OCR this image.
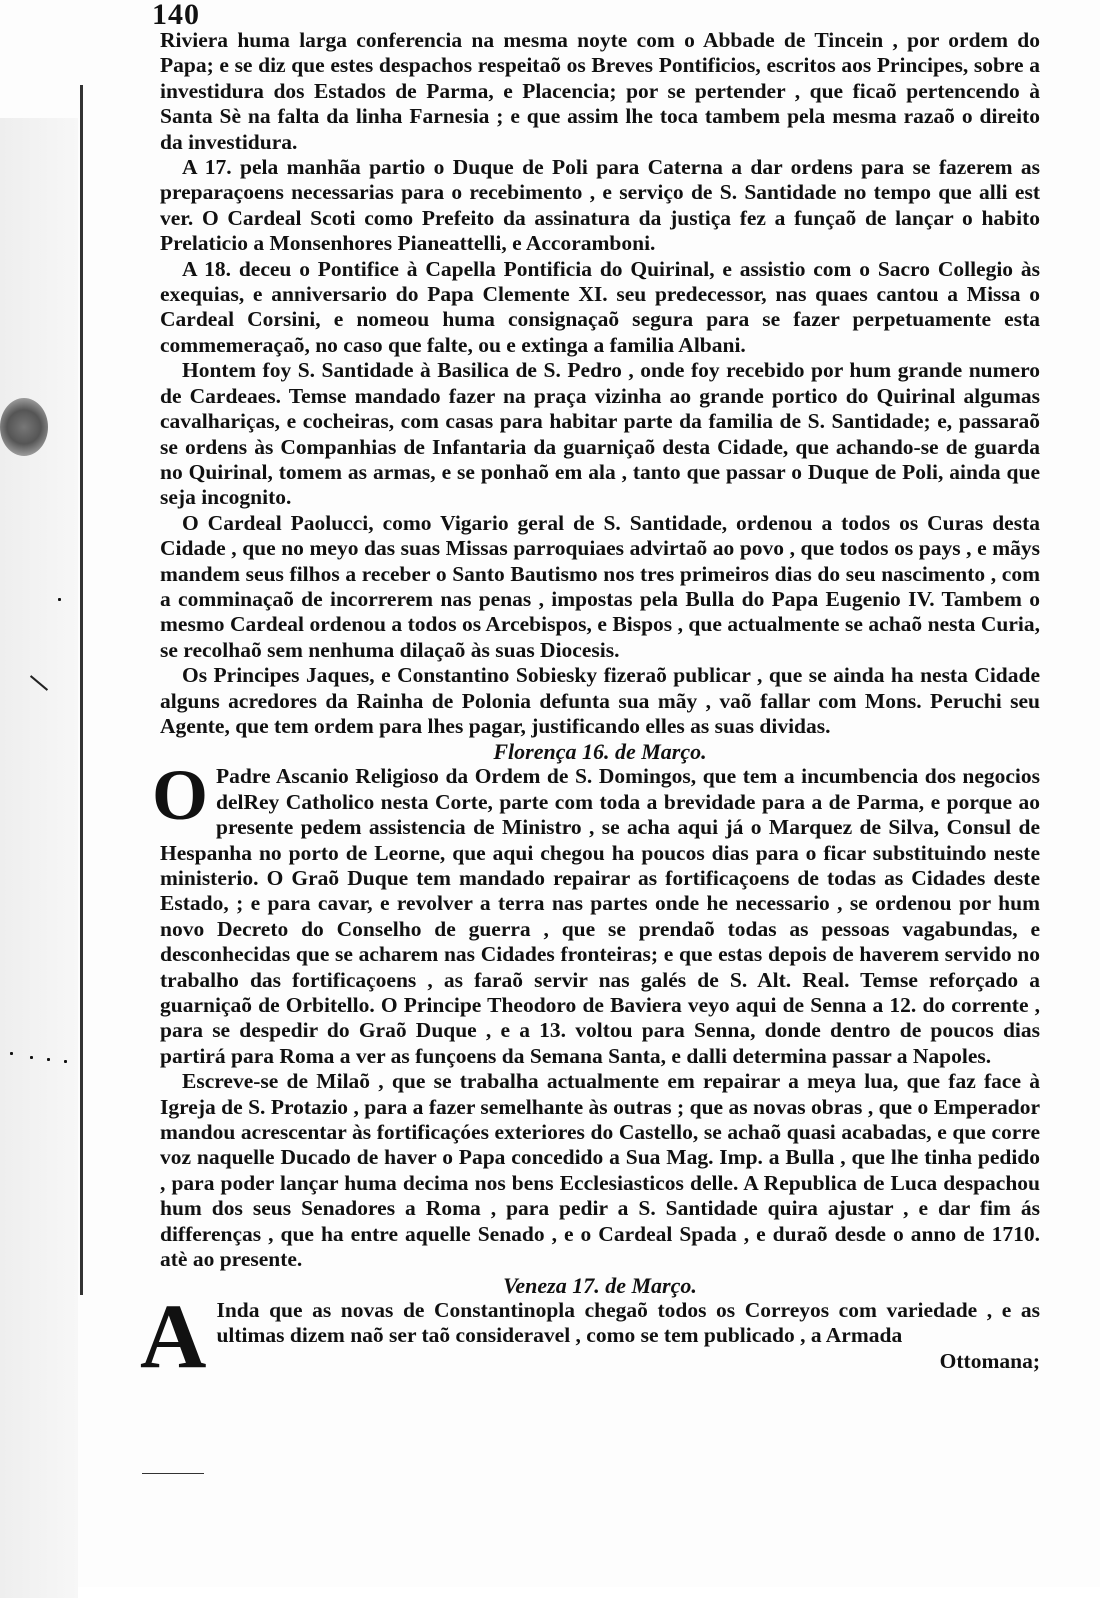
140

Riviera huma larga conferencia na mesma noyte com o Abbade de Tincein , por ordem do Papa; e se diz que estes despachos respeitaõ os Breves Pontificios, escritos aos Principes, sobre a investidura dos Estados de Parma, e Placencia; por se pertender , que ficaõ pertencendo à Santa Sè na falta da linha Farnesia ; e que assim lhe toca tambem pela mesma razaõ o direito da investidura.

A 17. pela manhãa partio o Duque de Poli para Caterna a dar ordens para se fazerem as preparaçoens necessarias para o recebimento , e serviço de S. Santidade no tempo que alli est ver. O Cardeal Scoti como Prefeito da assinatura da justiça fez a funçaõ de lançar o habito Prelaticio a Monsenhores Pianeattelli, e Accoramboni.

A 18. deceu o Pontifice à Capella Pontificia do Quirinal, e assistio com o Sacro Collegio às exequias, e anniversario do Papa Clemente XI. seu predecessor, nas quaes cantou a Missa o Cardeal Corsini, e nomeou huma consignaçaõ segura para se fazer perpetuamente esta commemeraçaõ, no caso que falte, ou e extinga a familia Albani.

Hontem foy S. Santidade à Basilica de S. Pedro , onde foy recebido por hum grande numero de Cardeaes. Temse mandado fazer na praça vizinha ao grande portico do Quirinal algumas cavalhariças, e cocheiras, com casas para habitar parte da familia de S. Santidade; e, passaraõ se ordens às Companhias de Infantaria da guarniçaõ desta Cidade, que achando-se de guarda no Quirinal, tomem as armas, e se ponhaõ em ala , tanto que passar o Duque de Poli, ainda que seja incognito.

O Cardeal Paolucci, como Vigario geral de S. Santidade, ordenou a todos os Curas desta Cidade , que no meyo das suas Missas parroquiaes advirtaõ ao povo , que todos os pays , e mãys mandem seus filhos a receber o Santo Bautismo nos tres primeiros dias do seu nascimento , com a comminaçaõ de incorrerem nas penas , impostas pela Bulla do Papa Eugenio IV. Tambem o mesmo Cardeal ordenou a todos os Arcebispos, e Bispos , que actualmente se achaõ nesta Curia, se recolhaõ sem nenhuma dilaçaõ às suas Diocesis.

Os Principes Jaques, e Constantino Sobiesky fizeraõ publicar , que se ainda ha nesta Cidade alguns acredores da Rainha de Polonia defunta sua mãy , vaõ fallar com Mons. Peruchi seu Agente, que tem ordem para lhes pagar, justificando elles as suas dividas.

Florença 16. de Março.

O Padre Ascanio Religioso da Ordem de S. Domingos, que tem a incumbencia dos negocios delRey Catholico nesta Corte, parte com toda a brevidade para a de Parma, e porque ao presente pedem assistencia de Ministro , se acha aqui já o Marquez de Silva, Consul de Hespanha no porto de Leorne, que aqui chegou ha poucos dias para o ficar substituindo neste ministerio. O Graõ Duque tem mandado repairar as fortificaçoens de todas as Cidades deste Estado, ; e para cavar, e revolver a terra nas partes onde he necessario , se ordenou por hum novo Decreto do Conselho de guerra , que se prendaõ todas as pessoas vagabundas, e desconhecidas que se acharem nas Cidades fronteiras; e que estas depois de haverem servido no trabalho das fortificaçoens , as faraõ servir nas galés de S. Alt. Real. Temse reforçado a guarniçaõ de Orbitello. O Principe Theodoro de Baviera veyo aqui de Senna a 12. do corrente , para se despedir do Graõ Duque , e a 13. voltou para Senna, donde dentro de poucos dias partirá para Roma a ver as funçoens da Semana Santa, e dalli determina passar a Napoles.

Escreve-se de Milaõ , que se trabalha actualmente em repairar a meya lua, que faz face à Igreja de S. Protazio , para a fazer semelhante às outras ; que as novas obras , que o Emperador mandou acrescentar às fortificaçóes exteriores do Castello, se achaõ quasi acabadas, e que corre voz naquelle Ducado de haver o Papa concedido a Sua Mag. Imp. a Bulla , que lhe tinha pedido , para poder lançar huma decima nos bens Ecclesiasticos delle. A Republica de Luca despachou hum dos seus Senadores a Roma , para pedir a S. Santidade quira ajustar , e dar fim ás differenças , que ha entre aquelle Senado , e o Cardeal Spada , e duraõ desde o anno de 1710. atè ao presente.

Veneza 17. de Março.

A Inda que as novas de Constantinopla chegaõ todos os Correyos com variedade , e as ultimas dizem naõ ser taõ consideravel , como se tem publicado , a Armada

Ottomana;
